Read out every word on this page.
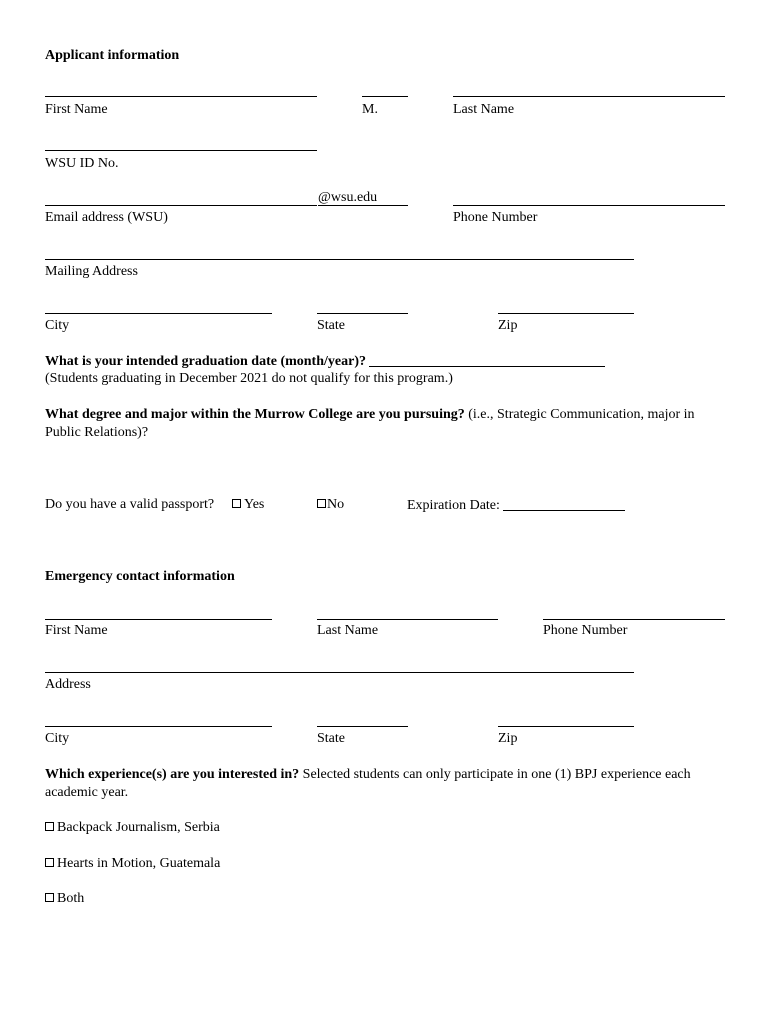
Applicant information
First Name	M.	Last Name
WSU ID No.
@wsu.edu
Email address (WSU)	Phone Number
Mailing Address
City	State	Zip
What is your intended graduation date (month/year)?
(Students graduating in December 2021 do not qualify for this program.)
What degree and major within the Murrow College are you pursuing? (i.e., Strategic Communication, major in Public Relations)?
Do you have a valid passport?	Yes	No	Expiration Date:
Emergency contact information
First Name	Last Name	Phone Number
Address
City	State	Zip
Which experience(s) are you interested in? Selected students can only participate in one (1) BPJ experience each academic year.
Backpack Journalism, Serbia
Hearts in Motion, Guatemala
Both
